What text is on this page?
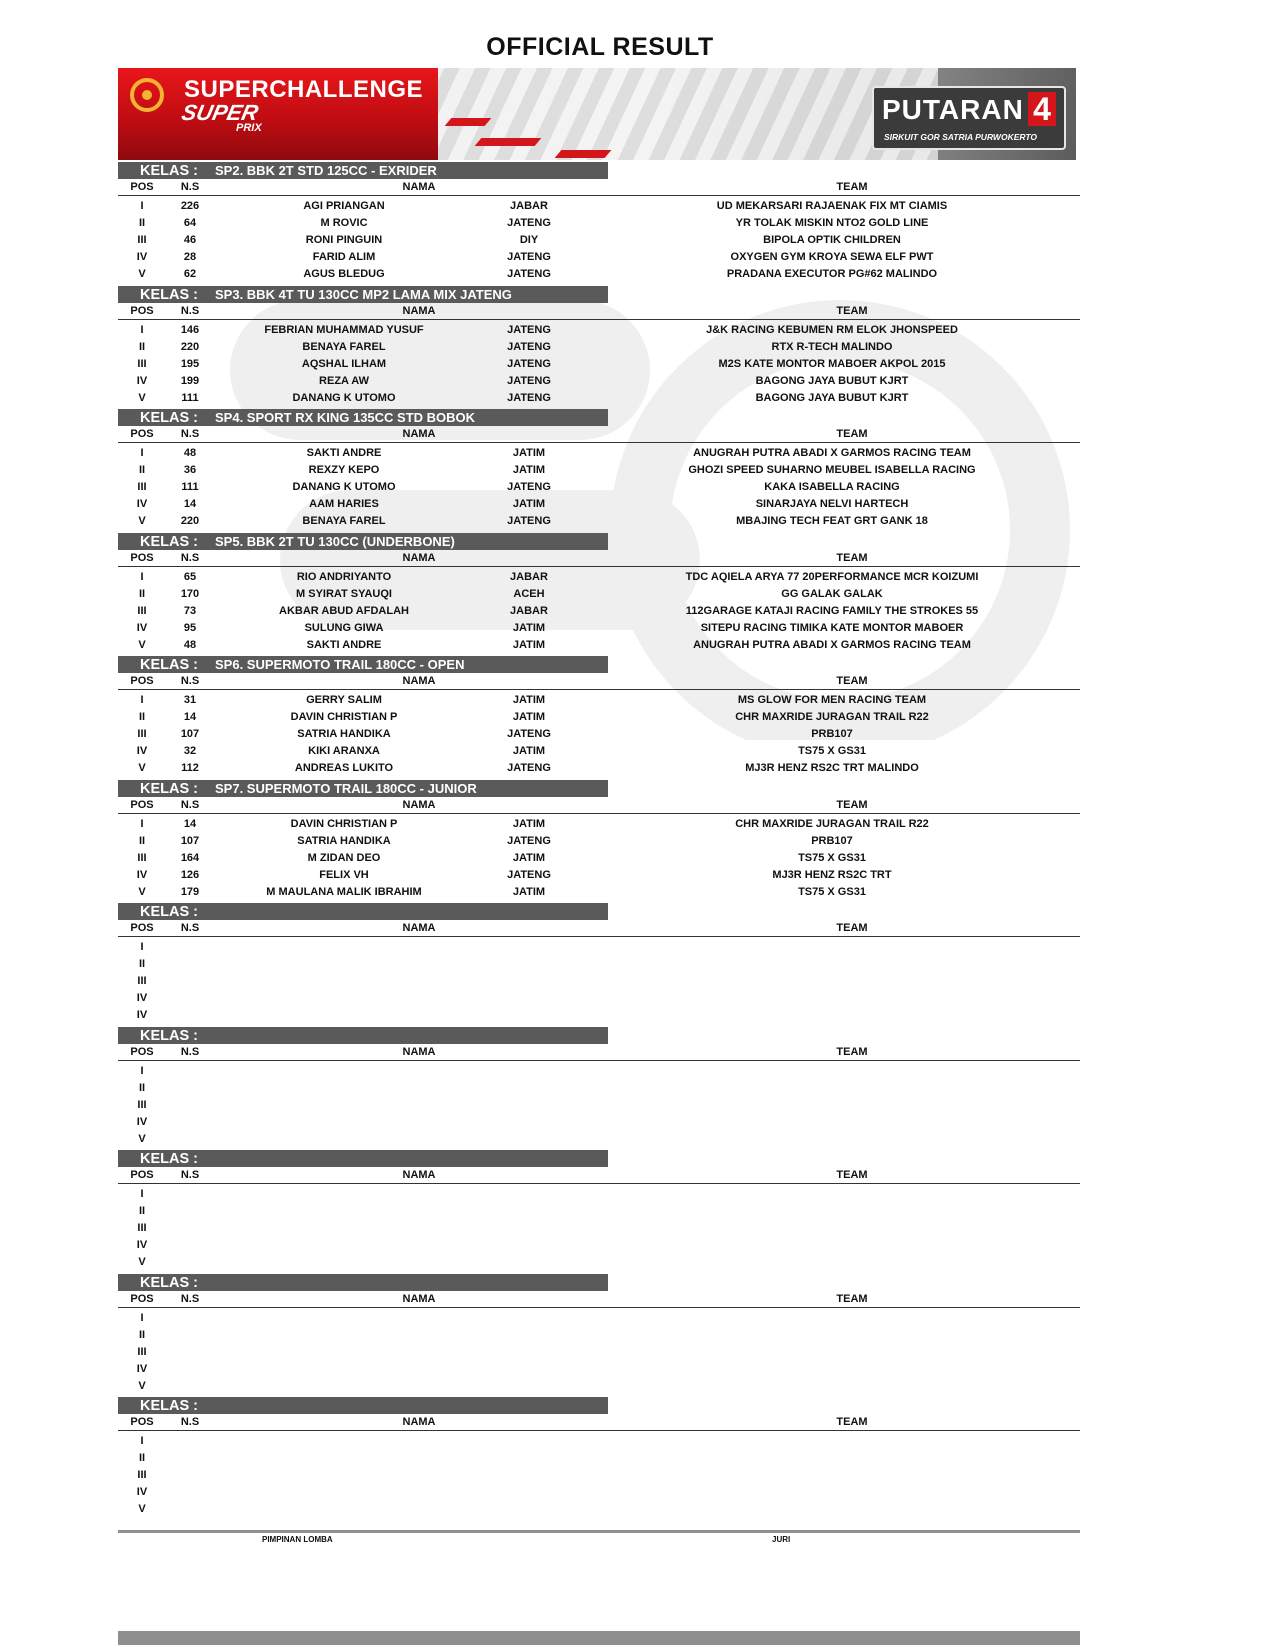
OFFICIAL RESULT
SUPERCHALLENGE
SUPER
PRIX
PUTARAN 4
SIRKUIT GOR SATRIA PURWOKERTO
KELAS : SP2. BBK 2T STD 125CC - EXRIDER
POS	N.S	NAMA	TEAM
I	226	AGI PRIANGAN	JABAR	UD MEKARSARI RAJAENAK FIX MT CIAMIS
II	64	M ROVIC	JATENG	YR TOLAK MISKIN NTO2 GOLD LINE
III	46	RONI PINGUIN	DIY	BIPOLA OPTIK CHILDREN
IV	28	FARID ALIM	JATENG	OXYGEN GYM KROYA SEWA ELF PWT
V	62	AGUS BLEDUG	JATENG	PRADANA EXECUTOR PG#62 MALINDO
KELAS : SP3. BBK 4T TU 130CC MP2 LAMA MIX JATENG
POS	N.S	NAMA	TEAM
I	146	FEBRIAN MUHAMMAD YUSUF	JATENG	J&K RACING KEBUMEN RM ELOK JHONSPEED
II	220	BENAYA FAREL	JATENG	RTX R-TECH MALINDO
III	195	AQSHAL ILHAM	JATENG	M2S KATE MONTOR MABOER AKPOL 2015
IV	199	REZA AW	JATENG	BAGONG JAYA BUBUT KJRT
V	111	DANANG K UTOMO	JATENG	BAGONG JAYA BUBUT KJRT
KELAS : SP4. SPORT RX KING 135CC STD BOBOK
POS	N.S	NAMA	TEAM
I	48	SAKTI ANDRE	JATIM	ANUGRAH PUTRA ABADI X GARMOS RACING TEAM
II	36	REXZY KEPO	JATIM	GHOZI SPEED SUHARNO MEUBEL ISABELLA RACING
III	111	DANANG K UTOMO	JATENG	KAKA ISABELLA RACING
IV	14	AAM HARIES	JATIM	SINARJAYA NELVI HARTECH
V	220	BENAYA FAREL	JATENG	MBAJING TECH FEAT GRT GANK 18
KELAS : SP5. BBK 2T TU 130CC (UNDERBONE)
POS	N.S	NAMA	TEAM
I	65	RIO ANDRIYANTO	JABAR	TDC AQIELA ARYA 77 20PERFORMANCE MCR KOIZUMI
II	170	M SYIRAT SYAUQI	ACEH	GG GALAK GALAK
III	73	AKBAR ABUD AFDALAH	JABAR	112GARAGE KATAJI RACING FAMILY THE STROKES 55
IV	95	SULUNG GIWA	JATIM	SITEPU RACING TIMIKA KATE MONTOR MABOER
V	48	SAKTI ANDRE	JATIM	ANUGRAH PUTRA ABADI X GARMOS RACING TEAM
KELAS : SP6. SUPERMOTO TRAIL 180CC - OPEN
POS	N.S	NAMA	TEAM
I	31	GERRY SALIM	JATIM	MS GLOW FOR MEN RACING TEAM
II	14	DAVIN CHRISTIAN P	JATIM	CHR MAXRIDE JURAGAN TRAIL R22
III	107	SATRIA HANDIKA	JATENG	PRB107
IV	32	KIKI ARANXA	JATIM	TS75 X GS31
V	112	ANDREAS LUKITO	JATENG	MJ3R HENZ RS2C TRT MALINDO
KELAS : SP7. SUPERMOTO TRAIL 180CC - JUNIOR
POS	N.S	NAMA	TEAM
I	14	DAVIN CHRISTIAN P	JATIM	CHR MAXRIDE JURAGAN TRAIL R22
II	107	SATRIA HANDIKA	JATENG	PRB107
III	164	M ZIDAN DEO	JATIM	TS75 X GS31
IV	126	FELIX VH	JATENG	MJ3R HENZ RS2C TRT
V	179	M MAULANA MALIK IBRAHIM	JATIM	TS75 X GS31
KELAS :
POS	N.S	NAMA	TEAM
I
II
III
IV
IV
KELAS :
POS	N.S	NAMA	TEAM
I
II
III
IV
V
KELAS :
POS	N.S	NAMA	TEAM
I
II
III
IV
V
KELAS :
POS	N.S	NAMA	TEAM
I
II
III
IV
V
KELAS :
POS	N.S	NAMA	TEAM
I
II
III
IV
V
PIMPINAN LOMBA	JURI
